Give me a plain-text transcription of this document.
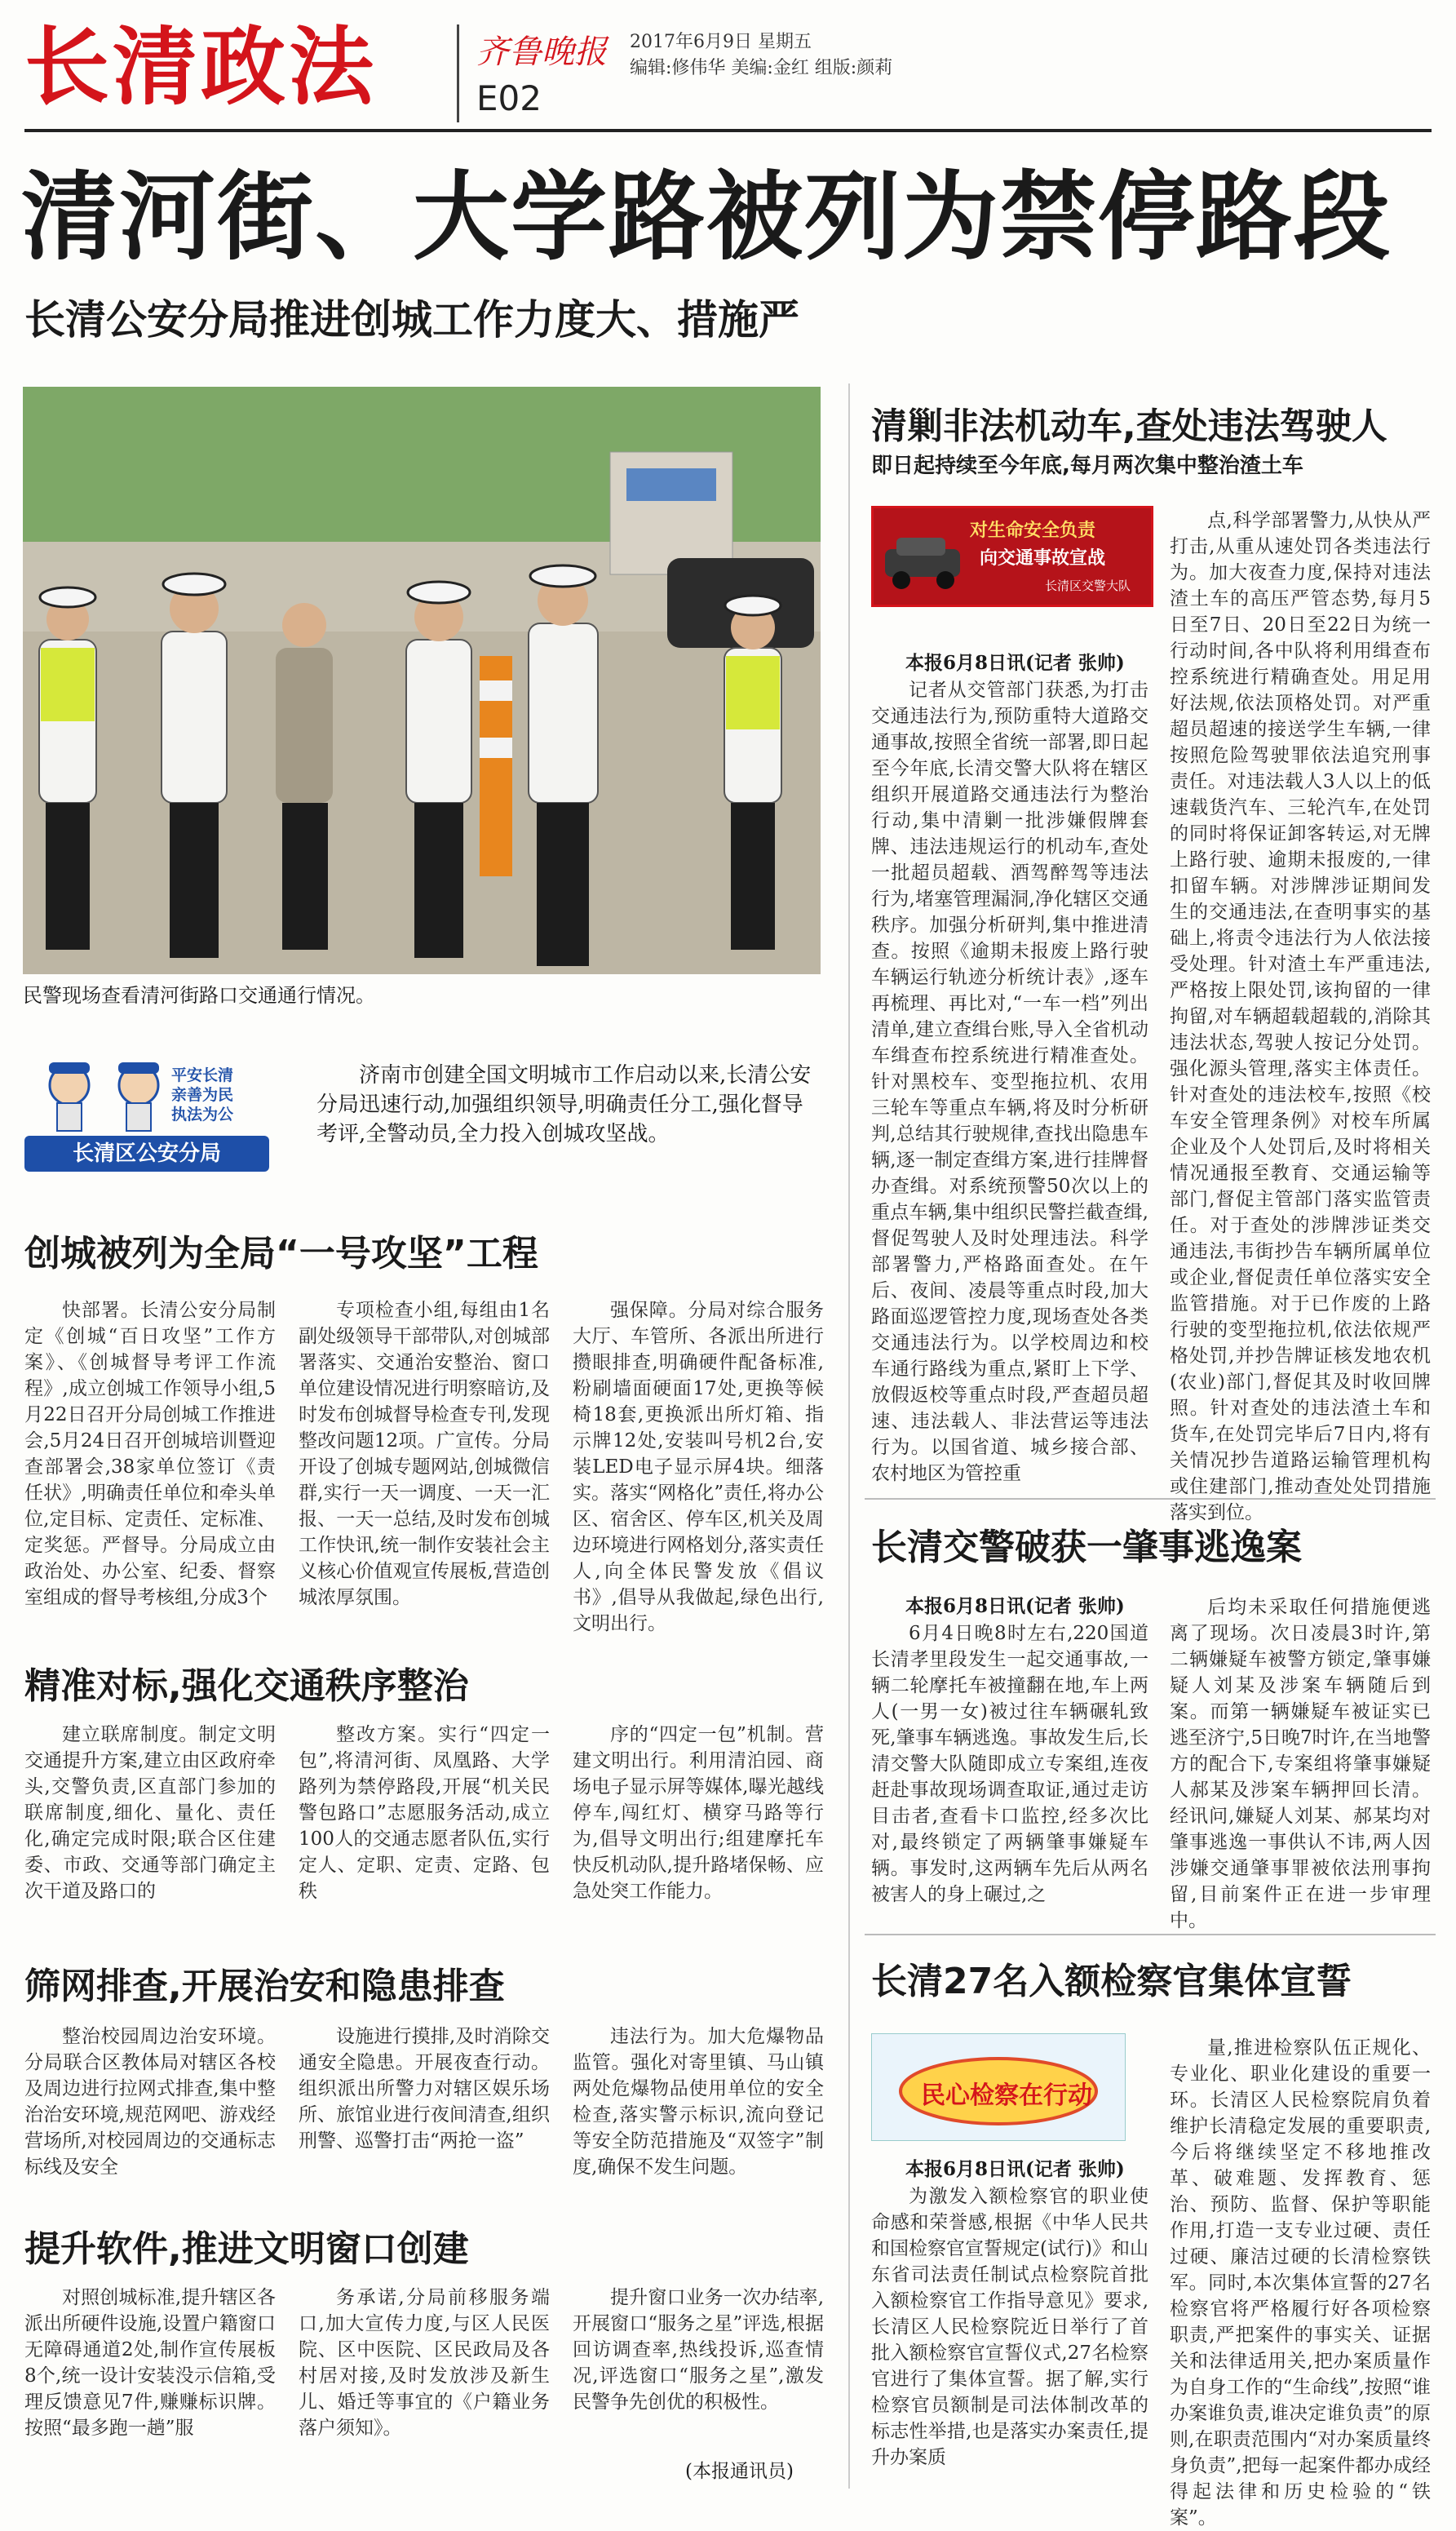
长清政法	齐鲁晚报 2017年6月9日 星期五
编辑:修伟华 美编:金红 组版:颜莉
E02
清河街、大学路被列为禁停路段
长清公安分局推进创城工作力度大、措施严
民警现场查看清河街路口交通通行情况。
平安长清
亲善为民
执法为公
长清区公安分局
济南市创建全国文明城市工作启动以来,长清公安分局迅速行动,加强组织领导,明确责任分工,强化督导考评,全警动员,全力投入创城攻坚战。
创城被列为全局“一号攻坚”工程

快部署。长清公安分局制定《创城“百日攻坚”工作方案》、《创城督导考评工作流程》,成立创城工作领导小组,5月22日召开分局创城工作推进会,5月24日召开创城培训暨迎查部署会,38家单位签订《责任状》,明确责任单位和牵头单位,定目标、定责任、定标准、定奖惩。严督导。分局成立由政治处、办公室、纪委、督察室组成的督导考核组,分成3个

专项检查小组,每组由1名副处级领导干部带队,对创城部署落实、交通治安整治、窗口单位建设情况进行明察暗访,及时发布创城督导检查专刊,发现整改问题12项。广宣传。分局开设了创城专题网站,创城微信群,实行一天一调度、一天一汇报、一天一总结,及时发布创城工作快讯,统一制作安装社会主义核心价值观宣传展板,营造创城浓厚氛围。

强保障。分局对综合服务大厅、车管所、各派出所进行攒眼排查,明确硬件配备标准,粉刷墙面硬面17处,更换等候椅18套,更换派出所灯箱、指示牌12处,安装叫号机2台,安装LED电子显示屏4块。细落实。落实“网格化”责任,将办公区、宿舍区、停车区,机关及周边环境进行网格划分,落实责任人,向全体民警发放《倡议书》,倡导从我做起,绿色出行,文明出行。

精准对标,强化交通秩序整治

建立联席制度。制定文明交通提升方案,建立由区政府牵头,交警负责,区直部门参加的联席制度,细化、量化、责任化,确定完成时限;联合区住建委、市政、交通等部门确定主次干道及路口的

整改方案。实行“四定一包”,将清河街、凤凰路、大学路列为禁停路段,开展“机关民警包路口”志愿服务活动,成立100人的交通志愿者队伍,实行定人、定职、定责、定路、包秩

序的“四定一包”机制。营建文明出行。利用清泊园、商场电子显示屏等媒体,曝光越线停车,闯红灯、横穿马路等行为,倡导文明出行;组建摩托车快反机动队,提升路堵保畅、应急处突工作能力。

筛网排查,开展治安和隐患排查

整治校园周边治安环境。分局联合区教体局对辖区各校及周边进行拉网式排查,集中整治治安环境,规范网吧、游戏经营场所,对校园周边的交通标志标线及安全

设施进行摸排,及时消除交通安全隐患。开展夜查行动。组织派出所警力对辖区娱乐场所、旅馆业进行夜间清查,组织刑警、巡警打击“两抢一盗”

违法行为。加大危爆物品监管。强化对寄里镇、马山镇两处危爆物品使用单位的安全检查,落实警示标识,流向登记等安全防范措施及“双签字”制度,确保不发生问题。

提升软件,推进文明窗口创建

对照创城标准,提升辖区各派出所硬件设施,设置户籍窗口无障碍通道2处,制作宣传展板8个,统一设计安装没示信箱,受理反馈意见7件,赚赚标识牌。按照“最多跑一趟”服

务承诺,分局前移服务端口,加大宣传力度,与区人民医院、区中医院、区民政局及各村居对接,及时发放涉及新生儿、婚迁等事宜的《户籍业务落户须知》。

提升窗口业务一次办结率,开展窗口“服务之星”评选,根据回访调查率,热线投诉,巡查情况,评选窗口“服务之星”,激发民警争先创优的积极性。

(本报通讯员)
清剿非法机动车,查处违法驾驶人
即日起持续至今年底,每月两次集中整治渣土车
对生命安全负责
向交通事故宣战
长清区交警大队
本报6月8日讯(记者 张帅)

记者从交管部门获悉,为打击交通违法行为,预防重特大道路交通事故,按照全省统一部署,即日起至今年底,长清交警大队将在辖区组织开展道路交通违法行为整治行动,集中清剿一批涉嫌假牌套牌、违法违规运行的机动车,查处一批超员超载、酒驾醉驾等违法行为,堵塞管理漏洞,净化辖区交通秩序。加强分析研判,集中推进清查。按照《逾期未报废上路行驶车辆运行轨迹分析统计表》,逐车再梳理、再比对,“一车一档”列出清单,建立查缉台账,导入全省机动车缉查布控系统进行精准查处。针对黑校车、变型拖拉机、农用三轮车等重点车辆,将及时分析研判,总结其行驶规律,查找出隐患车辆,逐一制定查缉方案,进行挂牌督办查缉。对系统预警50次以上的重点车辆,集中组织民警拦截查缉,督促驾驶人及时处理违法。科学部署警力,严格路面查处。在午后、夜间、凌晨等重点时段,加大路面巡逻管控力度,现场查处各类交通违法行为。以学校周边和校车通行路线为重点,紧盯上下学、放假返校等重点时段,严查超员超速、违法载人、非法营运等违法行为。以国省道、城乡接合部、农村地区为管控重

点,科学部署警力,从快从严打击,从重从速处罚各类违法行为。加大夜查力度,保持对违法渣土车的高压严管态势,每月5日至7日、20日至22日为统一行动时间,各中队将利用缉查布控系统进行精确查处。用足用好法规,依法顶格处罚。对严重超员超速的接送学生车辆,一律按照危险驾驶罪依法追究刑事责任。对违法载人3人以上的低速载货汽车、三轮汽车,在处罚的同时将保证卸客转运,对无牌上路行驶、逾期未报废的,一律扣留车辆。对涉牌涉证期间发生的交通违法,在查明事实的基础上,将责令违法行为人依法接受处理。针对渣土车严重违法,严格按上限处罚,该拘留的一律拘留,对车辆超载超载的,消除其违法状态,驾驶人按记分处罚。强化源头管理,落实主体责任。针对查处的违法校车,按照《校车安全管理条例》对校车所属企业及个人处罚后,及时将相关情况通报至教育、交通运输等部门,督促主管部门落实监管责任。对于查处的涉牌涉证类交通违法,韦街抄告车辆所属单位或企业,督促责任单位落实安全监管措施。对于已作废的上路行驶的变型拖拉机,依法依规严格处罚,并抄告牌证核发地农机(农业)部门,督促其及时收回牌照。针对查处的违法渣土车和货车,在处罚完毕后7日内,将有关情况抄告道路运输管理机构或住建部门,推动查处处罚措施落实到位。

长清交警破获一肇事逃逸案
本报6月8日讯(记者 张帅)

6月4日晚8时左右,220国道长清孝里段发生一起交通事故,一辆二轮摩托车被撞翻在地,车上两人(一男一女)被过往车辆碾轧致死,肇事车辆逃逸。事故发生后,长清交警大队随即成立专案组,连夜赶赴事故现场调查取证,通过走访目击者,查看卡口监控,经多次比对,最终锁定了两辆肇事嫌疑车辆。事发时,这两辆车先后从两名被害人的身上碾过,之

后均未采取任何措施便逃离了现场。次日凌晨3时许,第二辆嫌疑车被警方锁定,肇事嫌疑人刘某及涉案车辆随后到案。而第一辆嫌疑车被证实已逃至济宁,5日晚7时许,在当地警方的配合下,专案组将肇事嫌疑人郝某及涉案车辆押回长清。经讯问,嫌疑人刘某、郝某均对肇事逃逸一事供认不讳,两人因涉嫌交通肇事罪被依法刑事拘留,目前案件正在进一步审理中。

长清27名入额检察官集体宣誓
民心检察在行动
本报6月8日讯(记者 张帅)

为激发入额检察官的职业使命感和荣誉感,根据《中华人民共和国检察官宣誓规定(试行)》和山东省司法责任制试点检察院首批入额检察官工作指导意见》要求,长清区人民检察院近日举行了首批入额检察官宣誓仪式,27名检察官进行了集体宣誓。据了解,实行检察官员额制是司法体制改革的标志性举措,也是落实办案责任,提升办案质

量,推进检察队伍正规化、专业化、职业化建设的重要一环。长清区人民检察院肩负着维护长清稳定发展的重要职责,今后将继续坚定不移地推改革、破难题、发挥教育、惩治、预防、监督、保护等职能作用,打造一支专业过硬、责任过硬、廉洁过硬的长清检察铁军。同时,本次集体宣誓的27名检察官将严格履行好各项检察职责,严把案件的事实关、证据关和法律适用关,把办案质量作为自身工作的“生命线”,按照“谁办案谁负责,谁决定谁负责”的原则,在职责范围内“对办案质量终身负责”,把每一起案件都办成经得起法律和历史检验的“铁案”。
